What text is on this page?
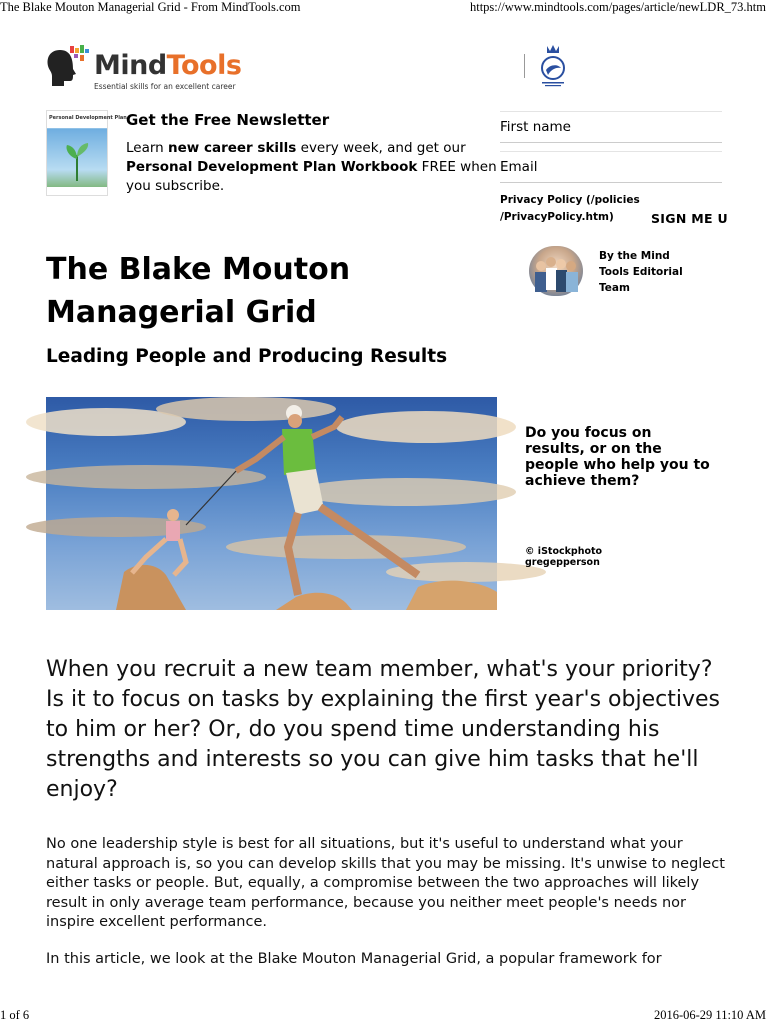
The Blake Mouton Managerial Grid - From MindTools.com	https://www.mindtools.com/pages/article/newLDR_73.htm
MindTools
Essential skills for an excellent career
Personal Development Plan Get the Free Newsletter
Learn new career skills every week, and get our
Personal Development Plan Workbook FREE when you subscribe.
First name
Email
Privacy Policy (/policies
/PrivacyPolicy.htm)	SIGN ME U
The Blake Mouton Managerial Grid
Leading People and Producing Results
By the Mind Tools Editorial Team
Do you focus on results, or on the people who help you to achieve them?
© iStockphoto gregepperson
When you recruit a new team member, what's your priority? Is it to focus on tasks by explaining the first year's objectives to him or her? Or, do you spend time understanding his strengths and interests so you can give him tasks that he'll enjoy?
No one leadership style is best for all situations, but it's useful to understand what your natural approach is, so you can develop skills that you may be missing. It's unwise to neglect either tasks or people. But, equally, a compromise between the two approaches will likely result in only average team performance, because you neither meet people's needs nor inspire excellent performance.
In this article, we look at the Blake Mouton Managerial Grid, a popular framework for
1 of 6	2016-06-29 11:10 AM
